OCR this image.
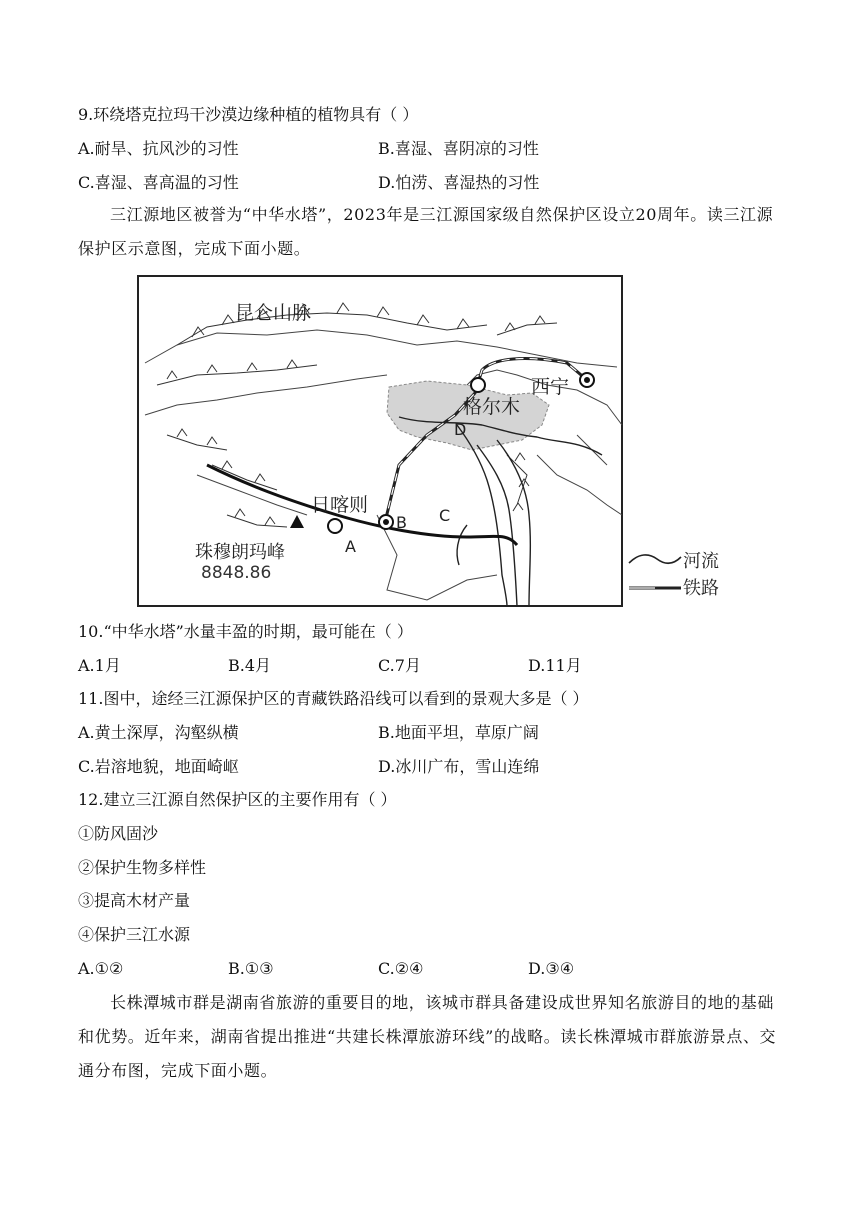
9.环绕塔克拉玛干沙漠边缘种植的植物具有（ ）
A.耐旱、抗风沙的习性	B.喜湿、喜阴凉的习性
C.喜湿、喜高温的习性	D.怕涝、喜湿热的习性
三江源地区被誉为“中华水塔”，2023年是三江源国家级自然保护区设立20周年。读三江源保护区示意图，完成下面小题。
昆仑山脉
西宁
格尔木
D
日喀则
B C
A
珠穆朗玛峰
8848.86
河流
铁路
10.“中华水塔”水量丰盈的时期，最可能在（ ）
A.1月	B.4月	C.7月	D.11月
11.图中，途经三江源保护区的青藏铁路沿线可以看到的景观大多是（ ）
A.黄土深厚，沟壑纵横	B.地面平坦，草原广阔
C.岩溶地貌，地面崎岖	D.冰川广布，雪山连绵
12.建立三江源自然保护区的主要作用有（ ）
①防风固沙
②保护生物多样性
③提高木材产量
④保护三江水源
A.①②	B.①③	C.②④	D.③④
长株潭城市群是湖南省旅游的重要目的地，该城市群具备建设成世界知名旅游目的地的基础和优势。近年来，湖南省提出推进“共建长株潭旅游环线”的战略。读长株潭城市群旅游景点、交通分布图，完成下面小题。
